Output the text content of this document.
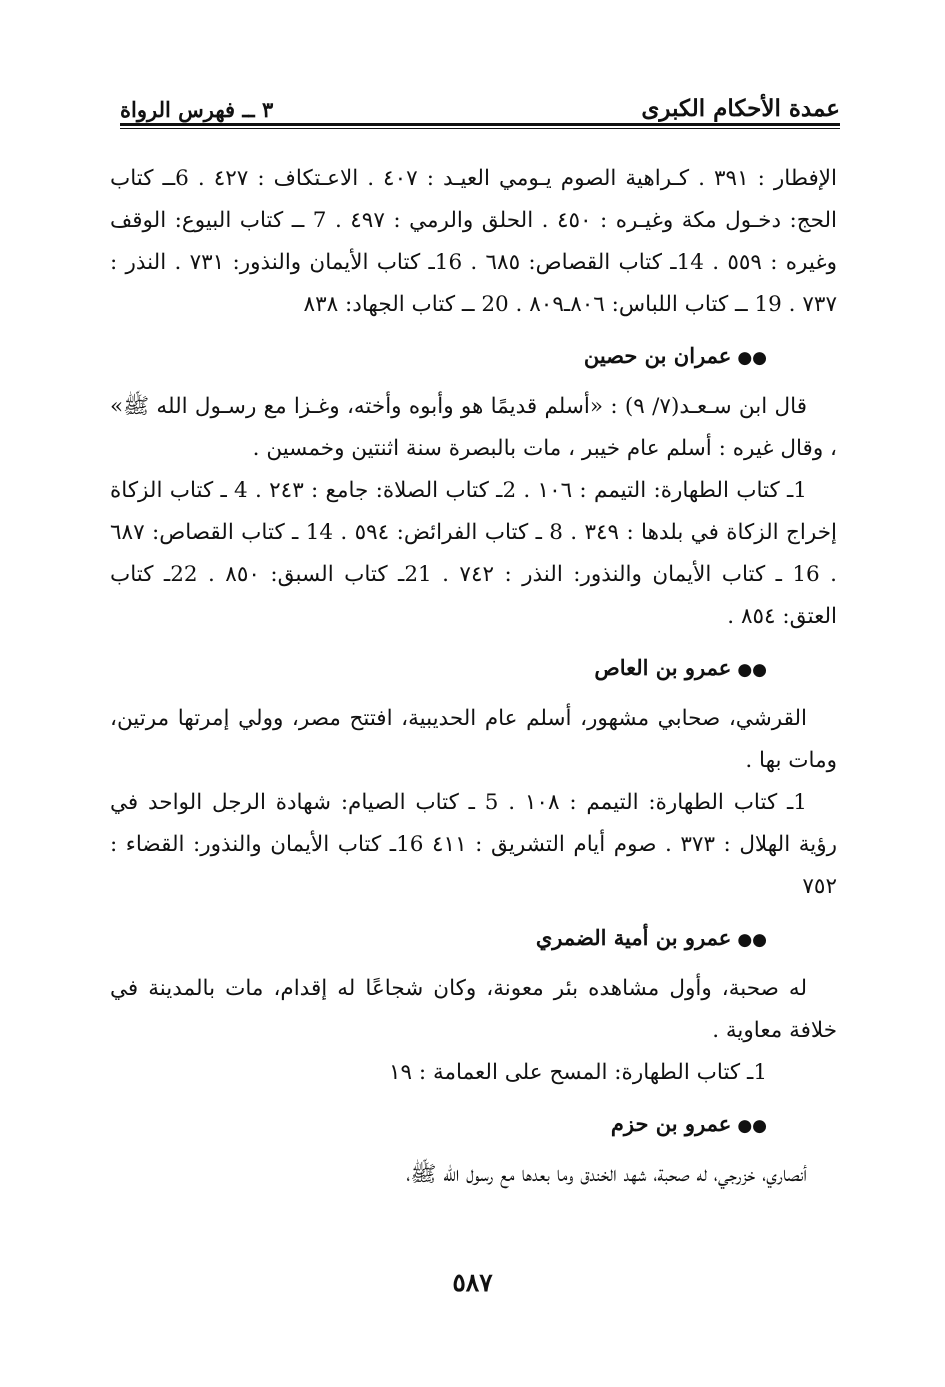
عمدة الأحكام الكبرى
٣ ــ فهرس الرواة

الإفطار : ٣٩١ . كـراهية الصوم يـومي العيـد : ٤٠٧ . الاعـتكاف : ٤٢٧ . 6ــ كتاب الحج: دخـول مكة وغيـره : ٤٥٠ . الحلق والرمي : ٤٩٧ . 7 ــ كتاب البيوع: الوقف وغيره : ٥٥٩ . 14ـ كتاب القصاص: ٦٨٥ . 16ـ كتاب الأيمان والنذور: ٧٣١ . النذر : ٧٣٧ . 19 ــ كتاب اللباس: ٨٠٦ـ٨٠٩ . 20 ــ كتاب الجهاد: ٨٣٨

●●عمران بن حصين

قال ابن سـعـد(٧/ ٩) : «أسلم قديمًا هو وأبوه وأخته، وغـزا مع رسـول الله ﷺ» ، وقال غيره : أسلم عام خيبر ، مات بالبصرة سنة اثنتين وخمسين .

1ـ كتاب الطهارة: التيمم : ١٠٦ . 2ـ كتاب الصلاة: جامع : ٢٤٣ . 4 ـ كتاب الزكاة إخراج الزكاة في بلدها : ٣٤٩ . 8 ـ كتاب الفرائض: ٥٩٤ . 14 ـ كتاب القصاص: ٦٨٧ . 16 ـ كتاب الأيمان والنذور: النذر : ٧٤٢ . 21ـ كتاب السبق: ٨٥٠ . 22ـ كتاب العتق: ٨٥٤ .

●●عمرو بن العاص

القرشي، صحابي مشهور، أسلم عام الحديبية، افتتح مصر، وولي إمرتها مرتين، ومات بها .

1ـ كتاب الطهارة: التيمم : ١٠٨ . 5 ـ كتاب الصيام: شهادة الرجل الواحد في رؤية الهلال : ٣٧٣ . صوم أيام التشريق : ٤١١ 16ـ كتاب الأيمان والنذور: القضاء : ٧٥٢

●●عمرو بن أمية الضمري

له صحبة، وأول مشاهده بئر معونة، وكان شجاعًا له إقدام، مات بالمدينة في خلافة معاوية .

1ـ كتاب الطهارة: المسح على العمامة : ١٩

●●عمرو بن حزم

أنصاري، خزرجي، له صحبة، شهد الخندق وما بعدها مع رسول الله ﷺ،

٥٨٧
